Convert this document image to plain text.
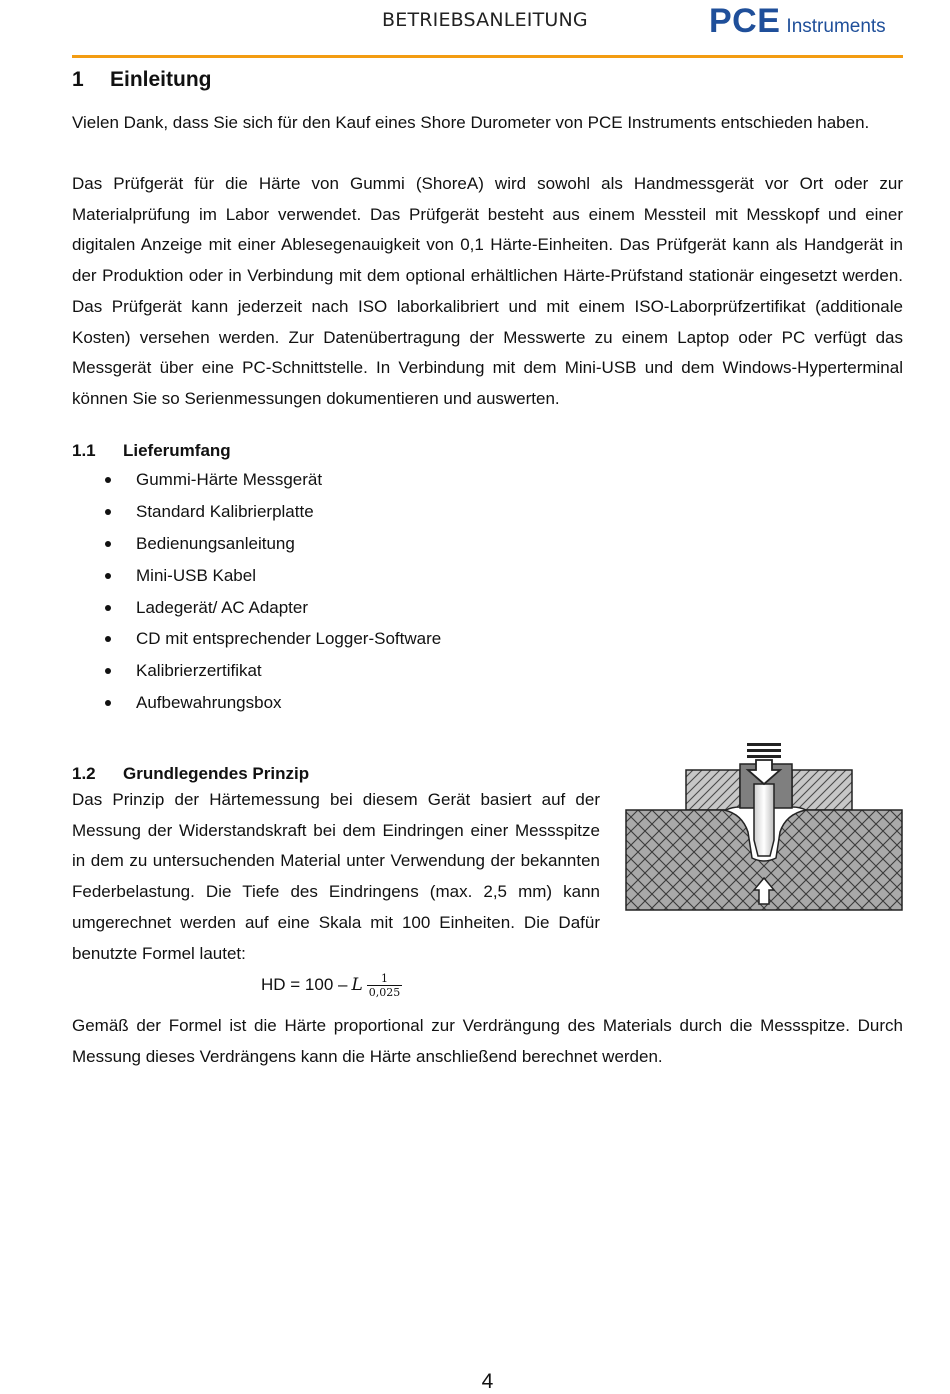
BETRIEBSANLEITUNG	PCE Instruments
1 Einleitung

Vielen Dank, dass Sie sich für den Kauf eines Shore Durometer von PCE Instruments entschieden haben.

Das Prüfgerät für die Härte von Gummi (ShoreA) wird sowohl als Handmessgerät vor Ort oder zur Materialprüfung im Labor verwendet. Das Prüfgerät besteht aus einem Messteil mit Messkopf und einer digitalen Anzeige mit einer Ablesegenauigkeit von 0,1 Härte-Einheiten. Das Prüfgerät kann als Handgerät in der Produktion oder in Verbindung mit dem optional erhältlichen Härte-Prüfstand stationär eingesetzt werden. Das Prüfgerät kann jederzeit nach ISO laborkalibriert und mit einem ISO-Laborprüfzertifikat (additionale Kosten) versehen werden. Zur Datenübertragung der Messwerte zu einem Laptop oder PC verfügt das Messgerät über eine PC-Schnittstelle. In Verbindung mit dem Mini-USB und dem Windows-Hyperterminal können Sie so Serienmessungen dokumentieren und auswerten.

1.1 Lieferumfang
Gummi-Härte Messgerät
Standard Kalibrierplatte
Bedienungsanleitung
Mini-USB Kabel
Ladegerät/ AC Adapter
CD mit entsprechender Logger-Software
Kalibrierzertifikat
Aufbewahrungsbox
1.2 Grundlegendes Prinzip

Das Prinzip der Härtemessung bei diesem Gerät basiert auf der Messung der Widerstandskraft bei dem Eindringen einer Messspitze in dem zu untersuchenden Material unter Verwendung der bekannten Federbelastung. Die Tiefe des Eindringens (max. 2,5 mm) kann umgerechnet werden auf eine Skala mit 100 Einheiten. Die Dafür benutzte Formel lautet:

HD = 100 – L $\frac{1}{0,025}$

Gemäß der Formel ist die Härte proportional zur Verdrängung des Materials durch die Messspitze. Durch Messung dieses Verdrängens kann die Härte anschließend berechnet werden.

4
